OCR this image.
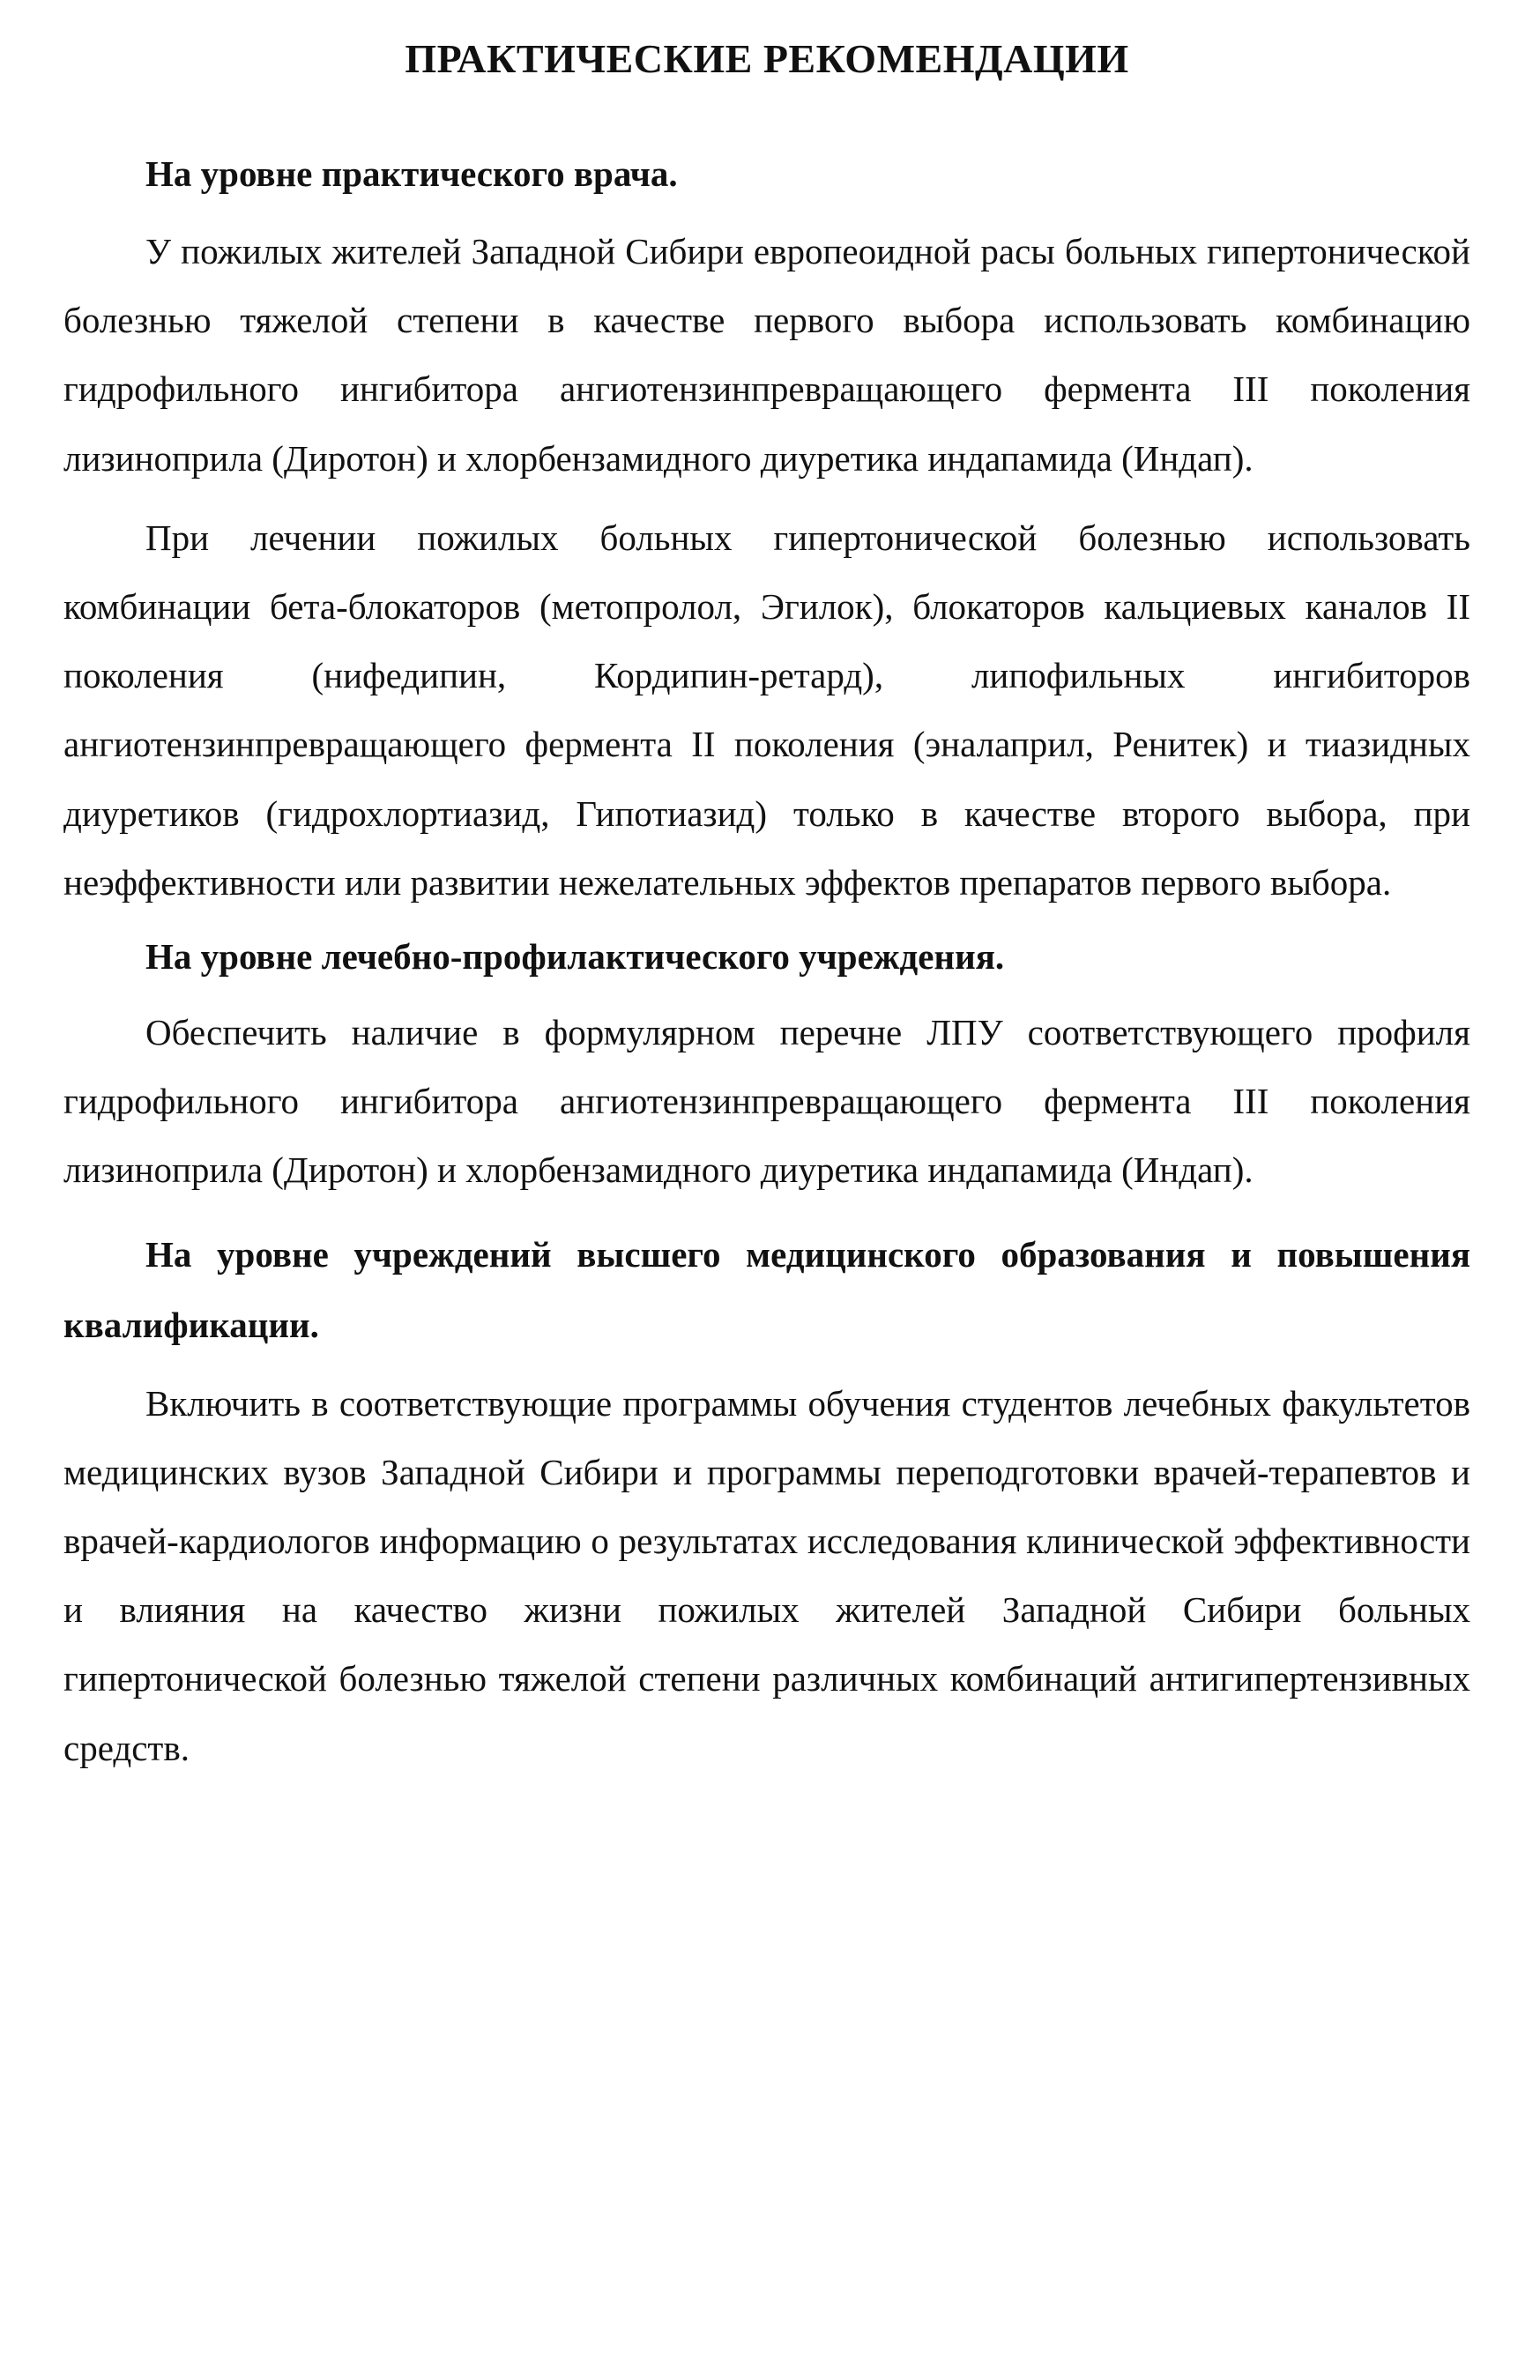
ПРАКТИЧЕСКИЕ РЕКОМЕНДАЦИИ

На уровне практического врача.

У пожилых жителей Западной Сибири европеоидной расы больных гипертонической болезнью тяжелой степени в качестве первого выбора использовать комбинацию гидрофильного ингибитора ангиотензинпревращающего фермента III поколения лизиноприла (Диротон) и хлорбензамидного диуретика индапамида (Индап).

При лечении пожилых больных гипертонической болезнью использовать комбинации бета-блокаторов (метопролол, Эгилок), блокаторов кальциевых каналов II поколения (нифедипин, Кордипин-ретард), липофильных ингибиторов ангиотензинпревращающего фермента II поколения (эналаприл, Ренитек) и тиазидных диуретиков (гидрохлортиазид, Гипотиазид) только в качестве второго выбора, при неэффективности или развитии нежелательных эффектов препаратов первого выбора.

На уровне лечебно-профилактического учреждения.

Обеспечить наличие в формулярном перечне ЛПУ соответствующего профиля гидрофильного ингибитора ангиотензинпревращающего фермента III поколения лизиноприла (Диротон) и хлорбензамидного диуретика индапамида (Индап).

На уровне учреждений высшего медицинского образования и повышения квалификации.

Включить в соответствующие программы обучения студентов лечебных факультетов медицинских вузов Западной Сибири и программы переподготовки врачей-терапевтов и врачей-кардиологов информацию о результатах исследования клинической эффективности и влияния на качество жизни пожилых жителей Западной Сибири больных гипертонической болезнью тяжелой степени различных комбинаций антигипертензивных средств.
